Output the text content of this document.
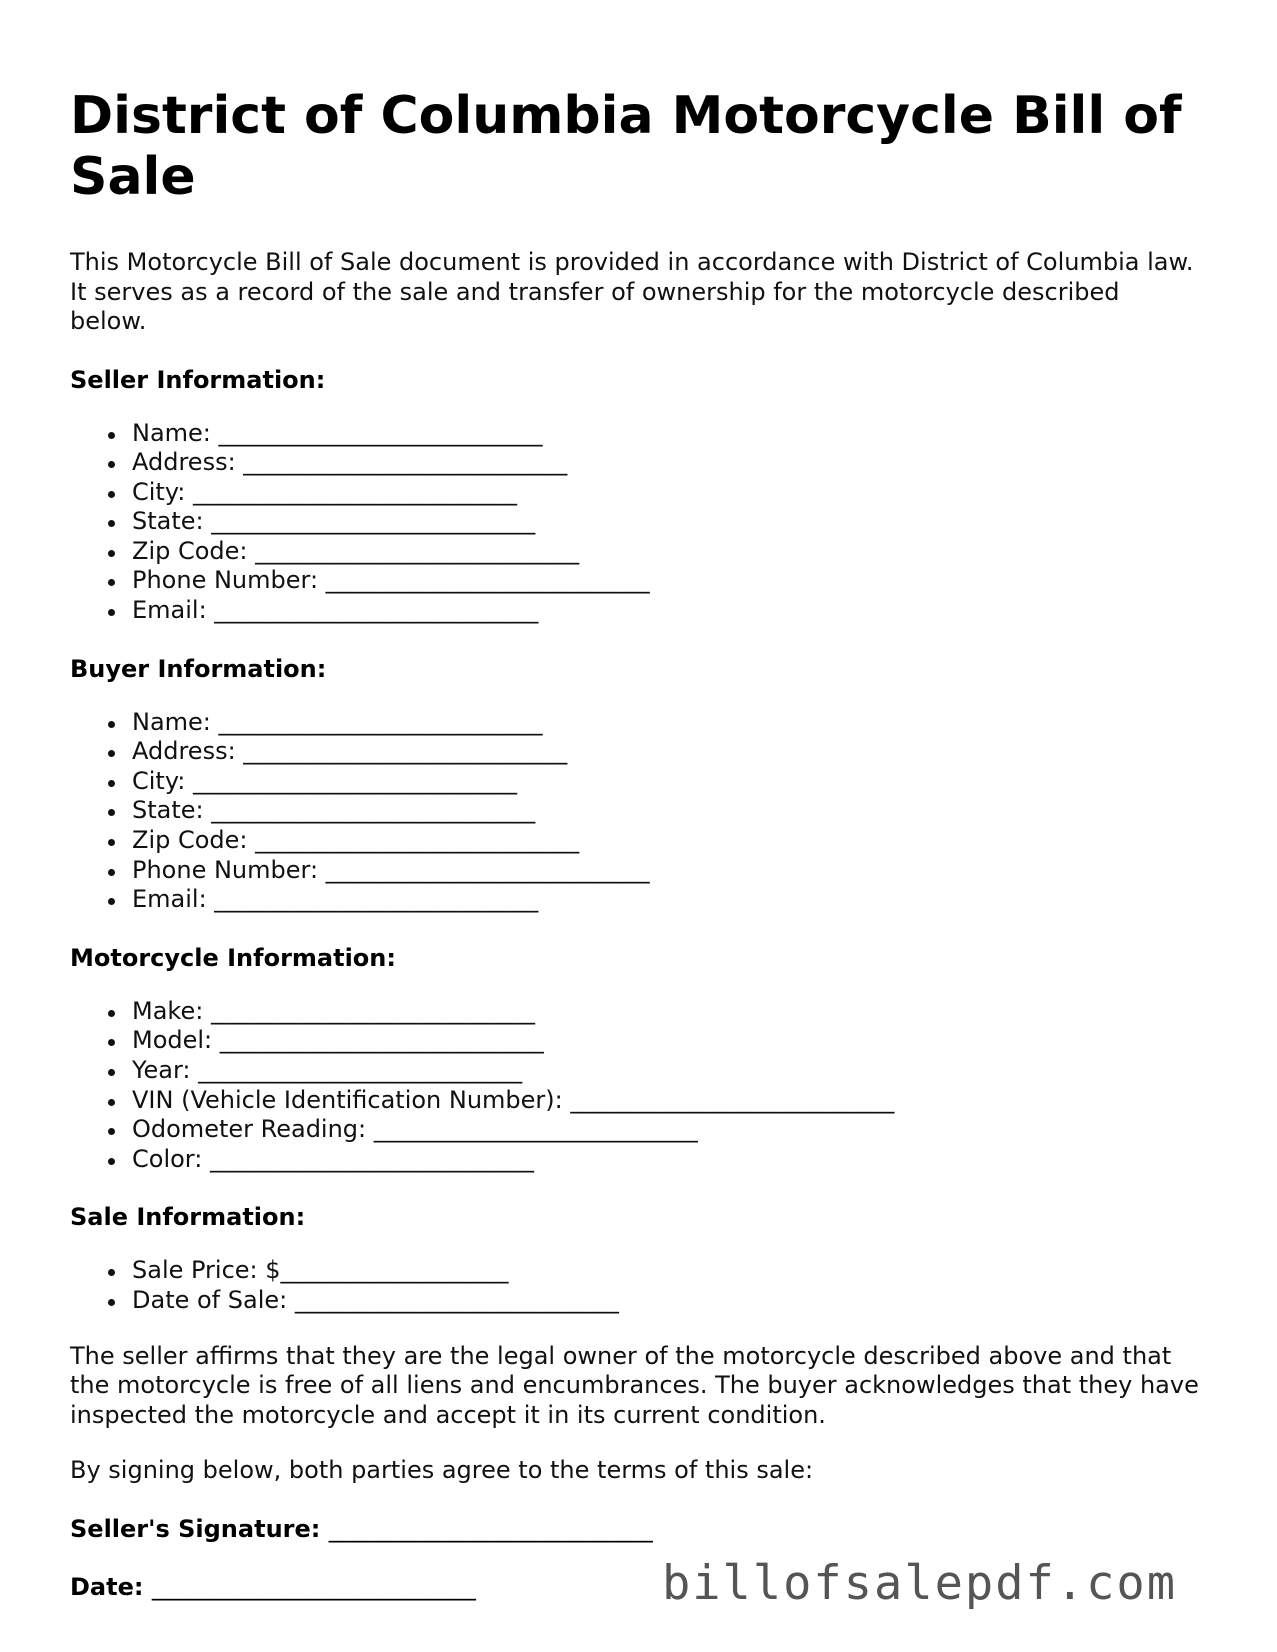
District of Columbia Motorcycle Bill of Sale

This Motorcycle Bill of Sale document is provided in accordance with District of Columbia law. It serves as a record of the sale and transfer of ownership for the motorcycle described below.

Seller Information:
Name: ___________________________
Address: ___________________________
City: ___________________________
State: ___________________________
Zip Code: ___________________________
Phone Number: ___________________________
Email: ___________________________
Buyer Information:
Name: ___________________________
Address: ___________________________
City: ___________________________
State: ___________________________
Zip Code: ___________________________
Phone Number: ___________________________
Email: ___________________________
Motorcycle Information:
Make: ___________________________
Model: ___________________________
Year: ___________________________
VIN (Vehicle Identification Number): ___________________________
Odometer Reading: ___________________________
Color: ___________________________
Sale Information:
Sale Price: $___________________
Date of Sale: ___________________________

The seller affirms that they are the legal owner of the motorcycle described above and that the motorcycle is free of all liens and encumbrances. The buyer acknowledges that they have inspected the motorcycle and accept it in its current condition.

By signing below, both parties agree to the terms of this sale:

Seller's Signature: ___________________________
Date: ___________________________	billofsalepdf.com
